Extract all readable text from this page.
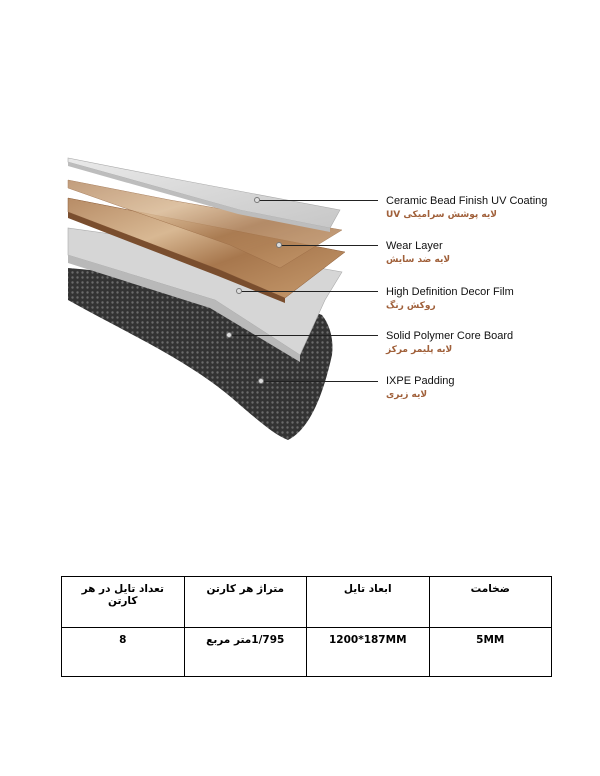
Ceramic Bead Finish UV Coating
لایه پوشش سرامیکی UV
Wear Layer
لایه ضد سایش
High Definition Decor Film
روکش رنگ
Solid Polymer Core Board
لایه پلیمر مرکز
IXPE Padding
لایه زیری
تعداد تایل در هر کارتن	متراژ هر کارتن	ابعاد تایل	ضخامت
8	1/795متر مربع	1200*187MM	5MM
